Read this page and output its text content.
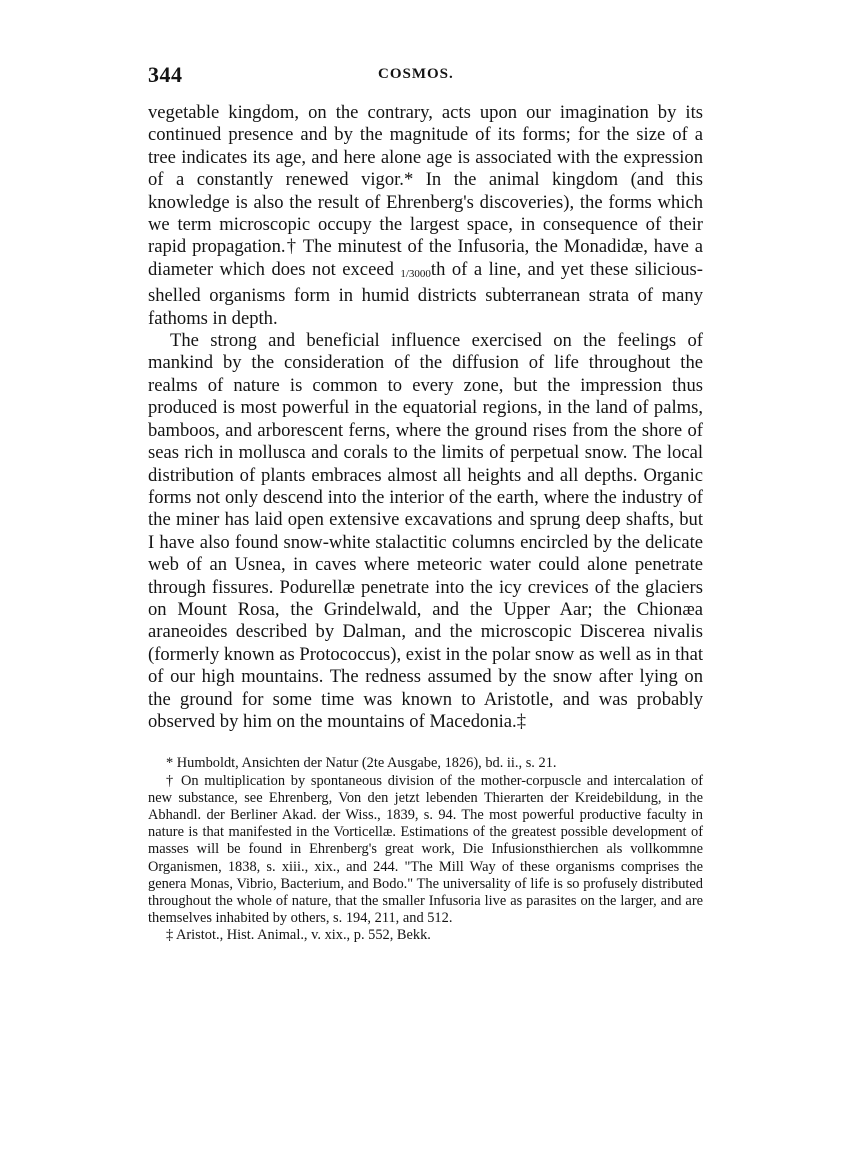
344	COSMOS.

vegetable kingdom, on the contrary, acts upon our imagination by its continued presence and by the magnitude of its forms; for the size of a tree indicates its age, and here alone age is associated with the expression of a constantly renewed vigor.* In the animal kingdom (and this knowledge is also the result of Ehrenberg's discoveries), the forms which we term microscopic occupy the largest space, in consequence of their rapid propagation.† The minutest of the Infusoria, the Monadidæ, have a diameter which does not exceed 1/3000th of a line, and yet these silicious-shelled organisms form in humid districts subterranean strata of many fathoms in depth.

The strong and beneficial influence exercised on the feelings of mankind by the consideration of the diffusion of life throughout the realms of nature is common to every zone, but the impression thus produced is most powerful in the equatorial regions, in the land of palms, bamboos, and arborescent ferns, where the ground rises from the shore of seas rich in mollusca and corals to the limits of perpetual snow. The local distribution of plants embraces almost all heights and all depths. Organic forms not only descend into the interior of the earth, where the industry of the miner has laid open extensive excavations and sprung deep shafts, but I have also found snow-white stalactitic columns encircled by the delicate web of an Usnea, in caves where meteoric water could alone penetrate through fissures. Podurellæ penetrate into the icy crevices of the glaciers on Mount Rosa, the Grindelwald, and the Upper Aar; the Chionæa araneoides described by Dalman, and the microscopic Discerea nivalis (formerly known as Protococcus), exist in the polar snow as well as in that of our high mountains. The redness assumed by the snow after lying on the ground for some time was known to Aristotle, and was probably observed by him on the mountains of Macedonia.‡

* Humboldt, Ansichten der Natur (2te Ausgabe, 1826), bd. ii., s. 21.

† On multiplication by spontaneous division of the mother-corpuscle and intercalation of new substance, see Ehrenberg, Von den jetzt lebenden Thierarten der Kreidebildung, in the Abhandl. der Berliner Akad. der Wiss., 1839, s. 94. The most powerful productive faculty in nature is that manifested in the Vorticellæ. Estimations of the greatest possible development of masses will be found in Ehrenberg's great work, Die Infusionsthierchen als vollkommne Organismen, 1838, s. xiii., xix., and 244. "The Mill Way of these organisms comprises the genera Monas, Vibrio, Bacterium, and Bodo." The universality of life is so profusely distributed throughout the whole of nature, that the smaller Infusoria live as parasites on the larger, and are themselves inhabited by others, s. 194, 211, and 512.

‡ Aristot., Hist. Animal., v. xix., p. 552, Bekk.
